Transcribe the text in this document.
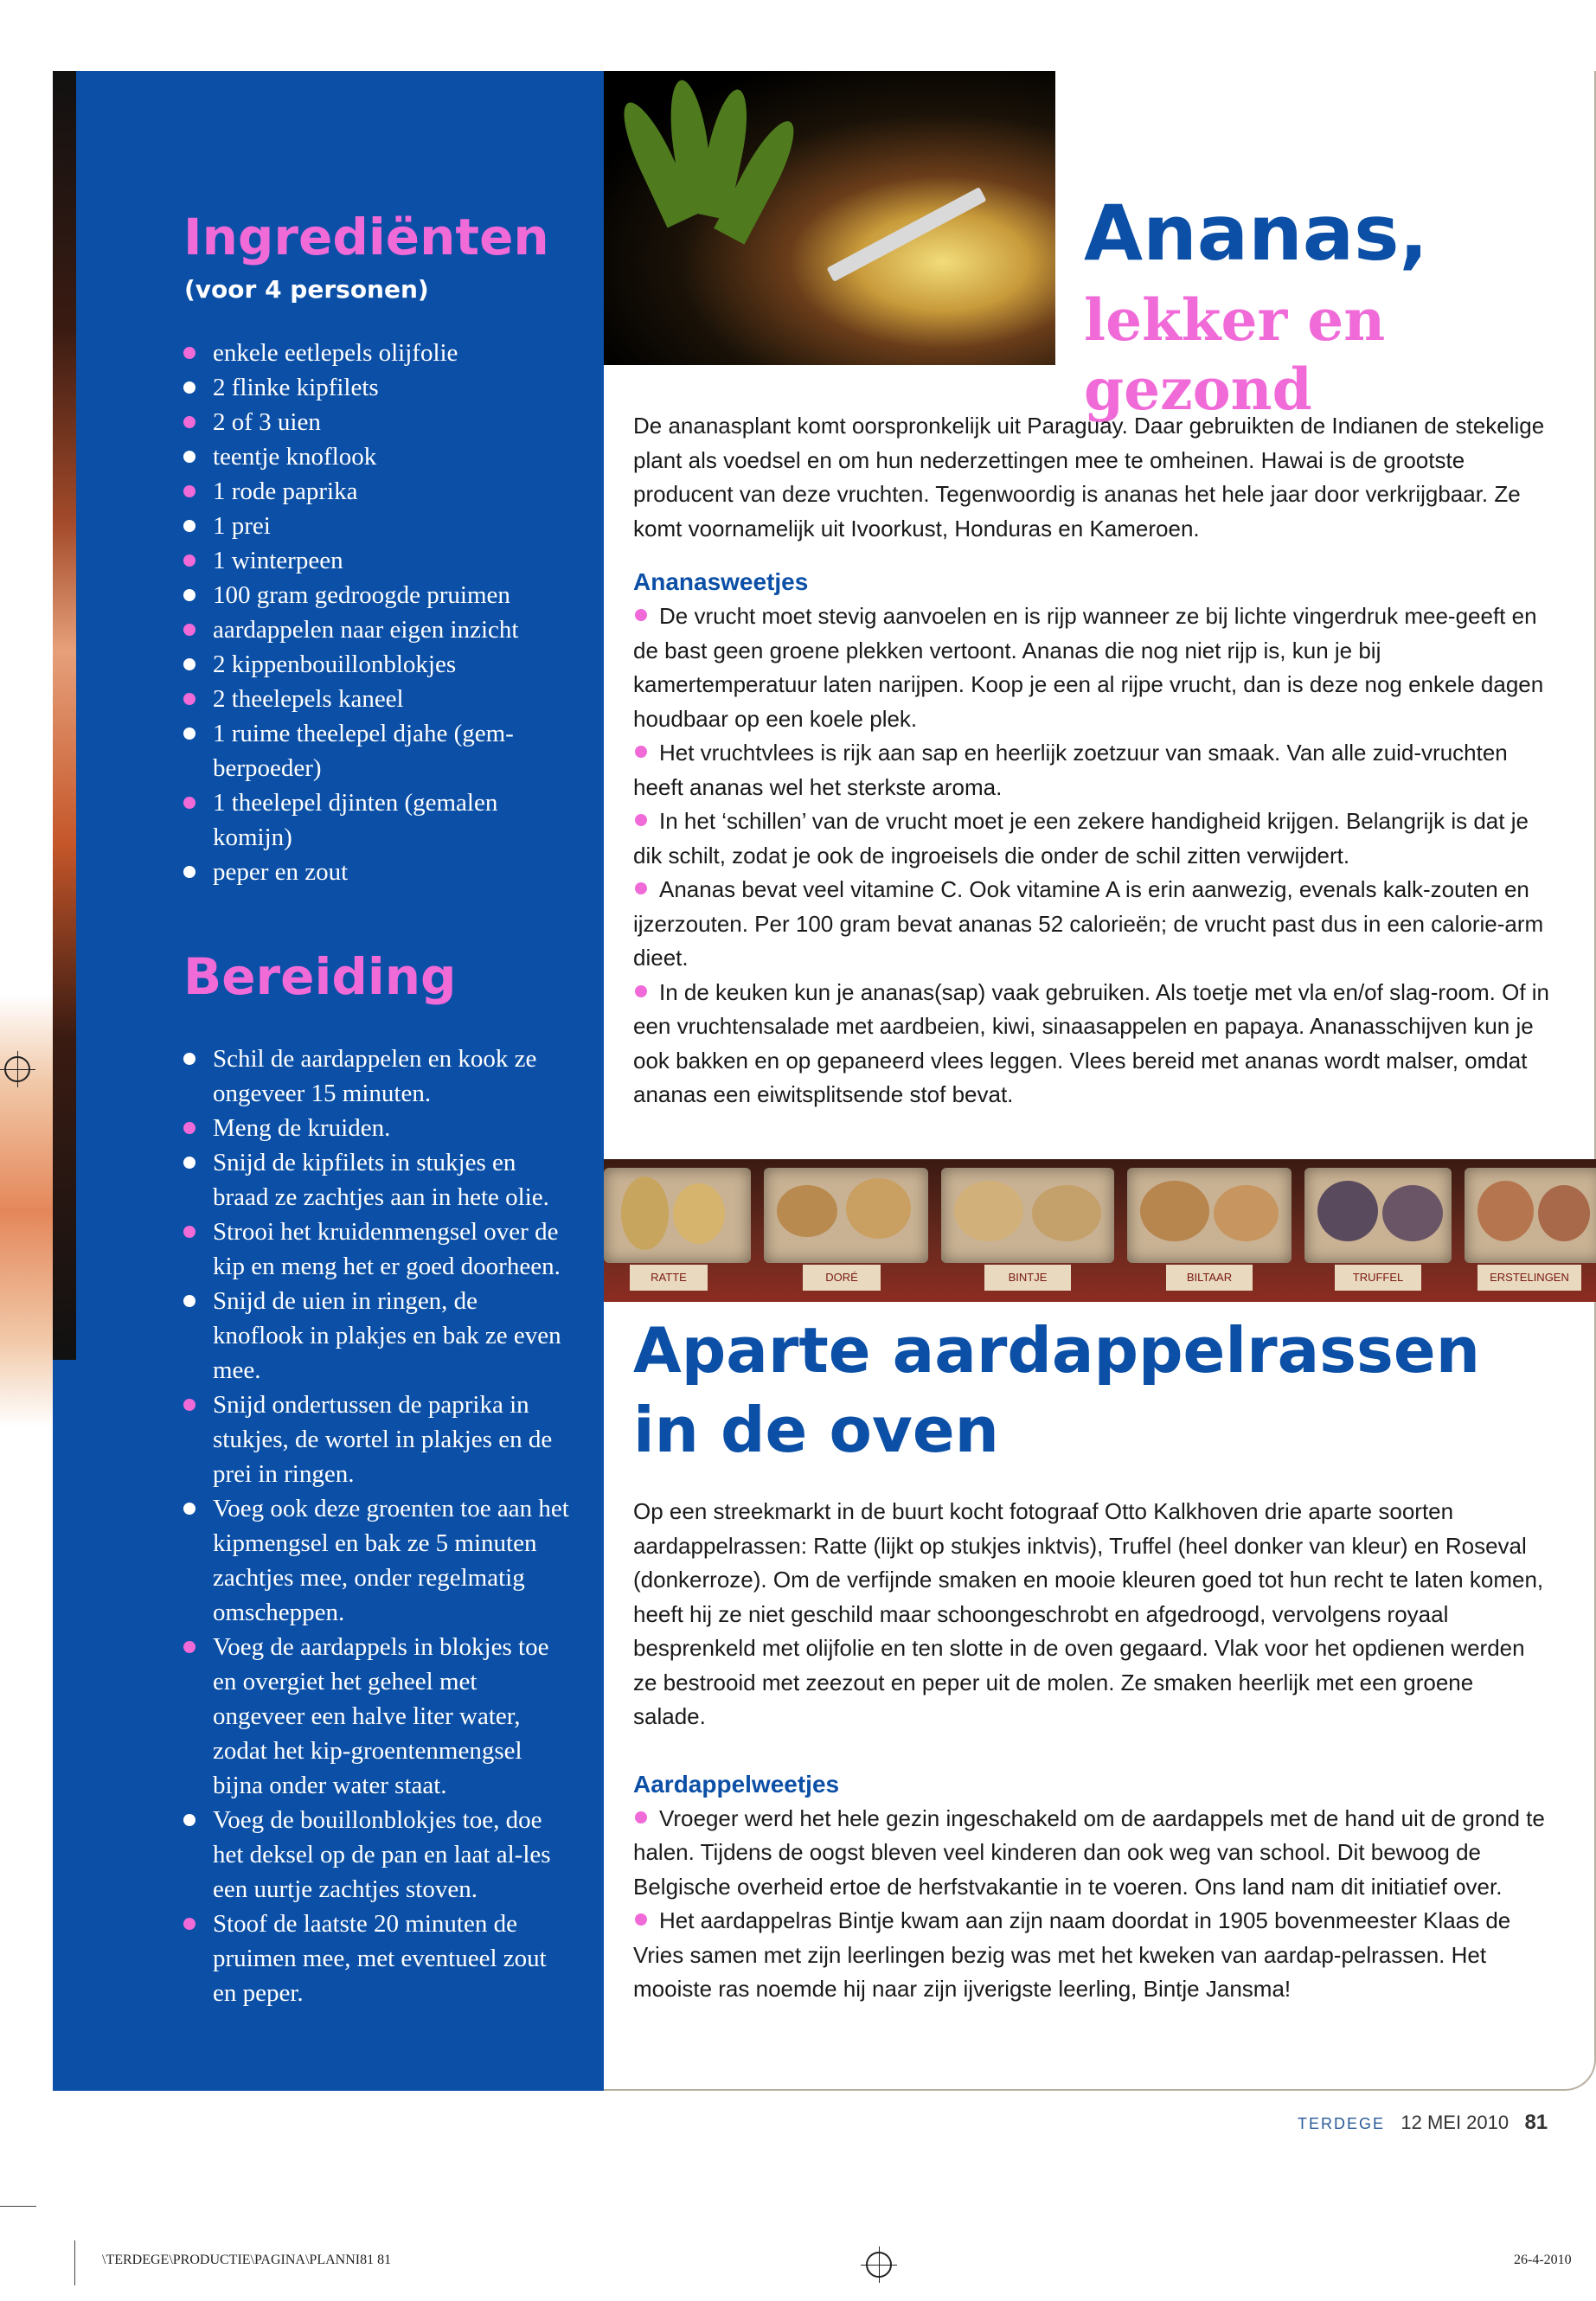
Ingrediënten
(voor 4 personen)
enkele eetlepels olijfolie
2 flinke kipfilets
2 of 3 uien
teentje knoflook
1 rode paprika
1 prei
1 winterpeen
100 gram gedroogde pruimen
aardappelen naar eigen inzicht
2 kippenbouillonblokjes
2 theelepels kaneel
1 ruime theelepel djahe (gem-berpoeder)
1 theelepel djinten (gemalen komijn)
peper en zout
Bereiding
Schil de aardappelen en kook ze ongeveer 15 minuten.
Meng de kruiden.
Snijd de kipfilets in stukjes en braad ze zachtjes aan in hete olie.
Strooi het kruidenmengsel over de kip en meng het er goed doorheen.
Snijd de uien in ringen, de knoflook in plakjes en bak ze even mee.
Snijd ondertussen de paprika in stukjes, de wortel in plakjes en de prei in ringen.
Voeg ook deze groenten toe aan het kipmengsel en bak ze 5 minuten zachtjes mee, onder regelmatig omscheppen.
Voeg de aardappels in blokjes toe en overgiet het geheel met ongeveer een halve liter water, zodat het kip-groentenmengsel bijna onder water staat.
Voeg de bouillonblokjes toe, doe het deksel op de pan en laat al-les een uurtje zachtjes stoven.
Stoof de laatste 20 minuten de pruimen mee, met eventueel zout en peper.
Ananas,
lekker en gezond

De ananasplant komt oorspronkelijk uit Paraguay. Daar gebruikten de Indianen de stekelige plant als voedsel en om hun nederzettingen mee te omheinen. Hawai is de grootste producent van deze vruchten. Tegenwoordig is ananas het hele jaar door verkrijgbaar. Ze komt voornamelijk uit Ivoorkust, Honduras en Kameroen.

Ananasweetjes

De vrucht moet stevig aanvoelen en is rijp wanneer ze bij lichte vingerdruk mee-geeft en de bast geen groene plekken vertoont. Ananas die nog niet rijp is, kun je bij kamertemperatuur laten narijpen. Koop je een al rijpe vrucht, dan is deze nog enkele dagen houdbaar op een koele plek.

Het vruchtvlees is rijk aan sap en heerlijk zoetzuur van smaak. Van alle zuid-vruchten heeft ananas wel het sterkste aroma.

In het ‘schillen’ van de vrucht moet je een zekere handigheid krijgen. Belangrijk is dat je dik schilt, zodat je ook de ingroeisels die onder de schil zitten verwijdert.

Ananas bevat veel vitamine C. Ook vitamine A is erin aanwezig, evenals kalk-zouten en ijzerzouten. Per 100 gram bevat ananas 52 calorieën; de vrucht past dus in een calorie-arm dieet.

In de keuken kun je ananas(sap) vaak gebruiken. Als toetje met vla en/of slag-room. Of in een vruchtensalade met aardbeien, kiwi, sinaasappelen en papaya. Ananasschijven kun je ook bakken en op gepaneerd vlees leggen. Vlees bereid met ananas wordt malser, omdat ananas een eiwitsplitsende stof bevat.

RATTE	DORÉ	BINTJE	BILTAAR	TRUFFEL	ERSTELINGEN
Aparte aardappelrassen
in de oven

Op een streekmarkt in de buurt kocht fotograaf Otto Kalkhoven drie aparte soorten aardappelrassen: Ratte (lijkt op stukjes inktvis), Truffel (heel donker van kleur) en Roseval (donkerroze). Om de verfijnde smaken en mooie kleuren goed tot hun recht te laten komen, heeft hij ze niet geschild maar schoongeschrobt en afgedroogd, vervolgens royaal besprenkeld met olijfolie en ten slotte in de oven gegaard. Vlak voor het opdienen werden ze bestrooid met zeezout en peper uit de molen. Ze smaken heerlijk met een groene salade.

Aardappelweetjes

Vroeger werd het hele gezin ingeschakeld om de aardappels met de hand uit de grond te halen. Tijdens de oogst bleven veel kinderen dan ook weg van school. Dit bewoog de Belgische overheid ertoe de herfstvakantie in te voeren. Ons land nam dit initiatief over.

Het aardappelras Bintje kwam aan zijn naam doordat in 1905 bovenmeester Klaas de Vries samen met zijn leerlingen bezig was met het kweken van aardap-pelrassen. Het mooiste ras noemde hij naar zijn ijverigste leerling, Bintje Jansma!

TERDEGE 12 MEI 2010 81
\TERDEGE\PRODUCTIE\PAGINA\PLANNI81 81	26-4-2010
